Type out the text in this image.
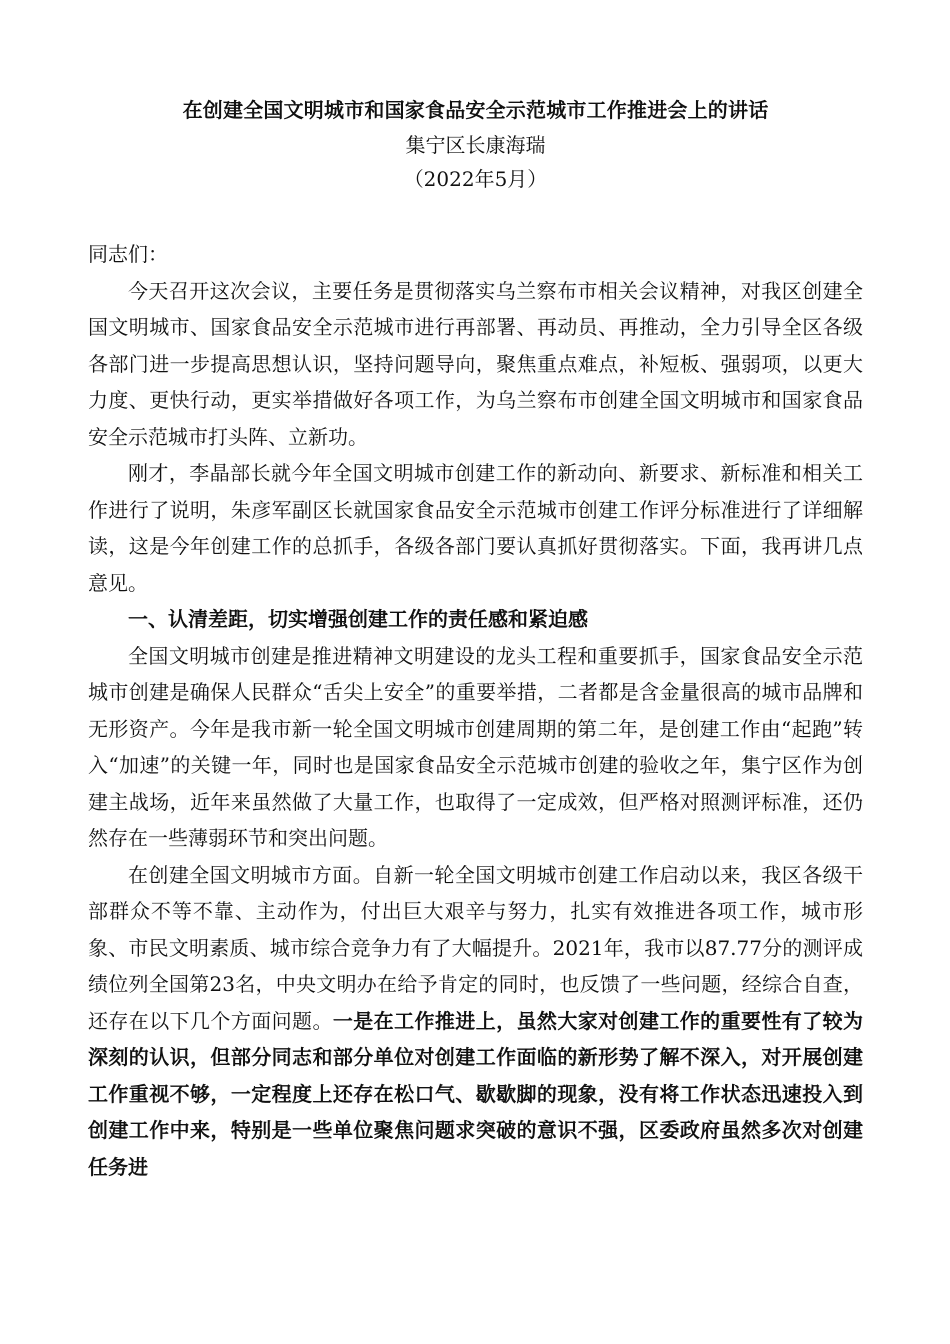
在创建全国文明城市和国家食品安全示范城市工作推进会上的讲话
集宁区长康海瑞
（2022年5月）
同志们：

今天召开这次会议，主要任务是贯彻落实乌兰察布市相关会议精神，对我区创建全国文明城市、国家食品安全示范城市进行再部署、再动员、再推动，全力引导全区各级各部门进一步提高思想认识，坚持问题导向，聚焦重点难点，补短板、强弱项，以更大力度、更快行动，更实举措做好各项工作，为乌兰察布市创建全国文明城市和国家食品安全示范城市打头阵、立新功。

刚才，李晶部长就今年全国文明城市创建工作的新动向、新要求、新标准和相关工作进行了说明，朱彦军副区长就国家食品安全示范城市创建工作评分标准进行了详细解读，这是今年创建工作的总抓手，各级各部门要认真抓好贯彻落实。下面，我再讲几点意见。

一、认清差距，切实增强创建工作的责任感和紧迫感

全国文明城市创建是推进精神文明建设的龙头工程和重要抓手，国家食品安全示范城市创建是确保人民群众“舌尖上安全”的重要举措，二者都是含金量很高的城市品牌和无形资产。今年是我市新一轮全国文明城市创建周期的第二年，是创建工作由“起跑”转入“加速”的关键一年，同时也是国家食品安全示范城市创建的验收之年，集宁区作为创建主战场，近年来虽然做了大量工作，也取得了一定成效，但严格对照测评标准，还仍然存在一些薄弱环节和突出问题。

在创建全国文明城市方面。自新一轮全国文明城市创建工作启动以来，我区各级干部群众不等不靠、主动作为，付出巨大艰辛与努力，扎实有效推进各项工作，城市形象、市民文明素质、城市综合竞争力有了大幅提升。2021年，我市以87.77分的测评成绩位列全国第23名，中央文明办在给予肯定的同时，也反馈了一些问题，经综合自查，还存在以下几个方面问题。一是在工作推进上，虽然大家对创建工作的重要性有了较为深刻的认识，但部分同志和部分单位对创建工作面临的新形势了解不深入，对开展创建工作重视不够，一定程度上还存在松口气、歇歇脚的现象，没有将工作状态迅速投入到创建工作中来，特别是一些单位聚焦问题求突破的意识不强，区委政府虽然多次对创建任务进
